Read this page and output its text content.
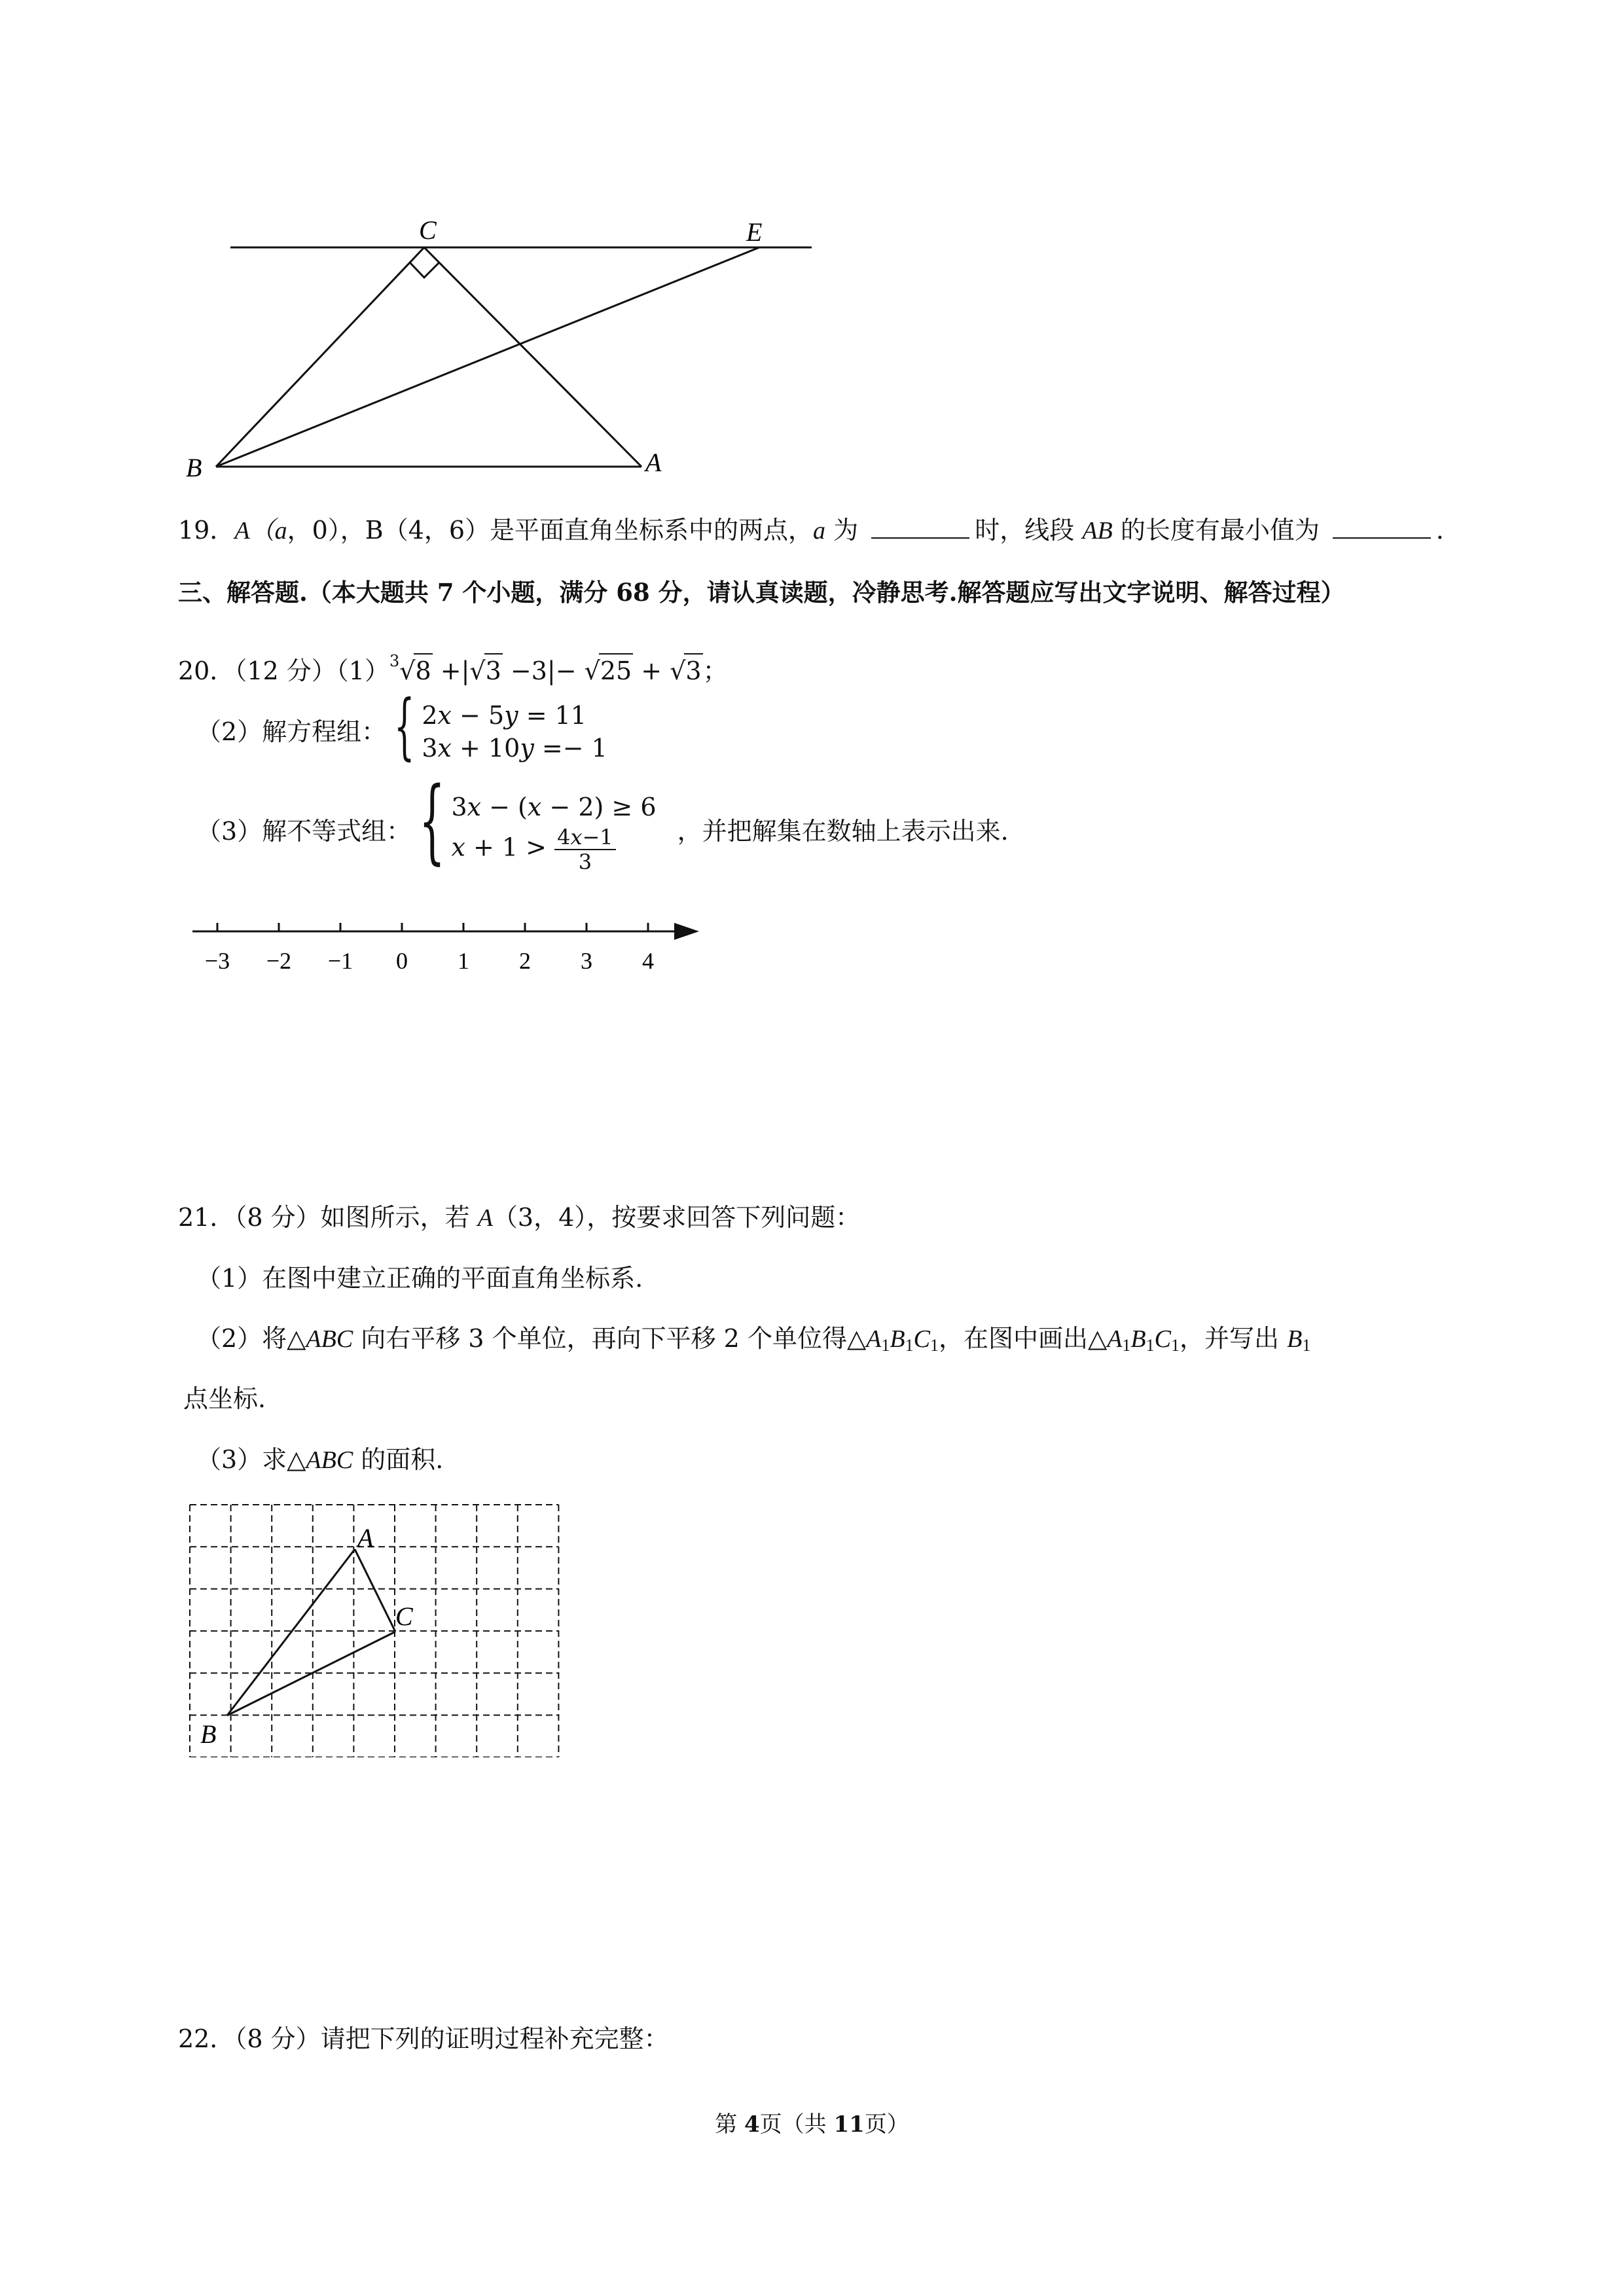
C	E
B	A
19．A（a，0），B（4，6）是平面直角坐标系中的两点，a 为	时，线段 AB 的长度有最小值为	．
三、解答题.（本大题共 7 个小题，满分 68 分，请认真读题，冷静思考.解答题应写出文字说明、解答过程）
20．（12 分）$(1)^3√8 +|√3 -3|- √25 + √3$；
（2）解方程组： { 2𝑥 − 5𝑦 = 11
3𝑥 + 10𝑦 =− 1
（3）解不等式组： { 3𝑥 − (𝑥 − 2) ≥ 6
𝑥 + $1 > \frac{\text{4𝑥−1}}{3}$ ，并把解集在数轴上表示出来.
−3 −2 −1 0 1 2 3 4
21．（8 分）如图所示，若 A（3，4），按要求回答下列问题：
（1）在图中建立正确的平面直角坐标系.
（2）将△ABC 向右平移 3 个单位，再向下平移 2 个单位得$\triangle A_1B_1C_1$，在图中画出$\triangle A_1B_1C_1$，并写出 $B_1$
点坐标.
（3）求△ABC 的面积.
A
C
B
22．（8 分）请把下列的证明过程补充完整：
第 4页（共 11页）
